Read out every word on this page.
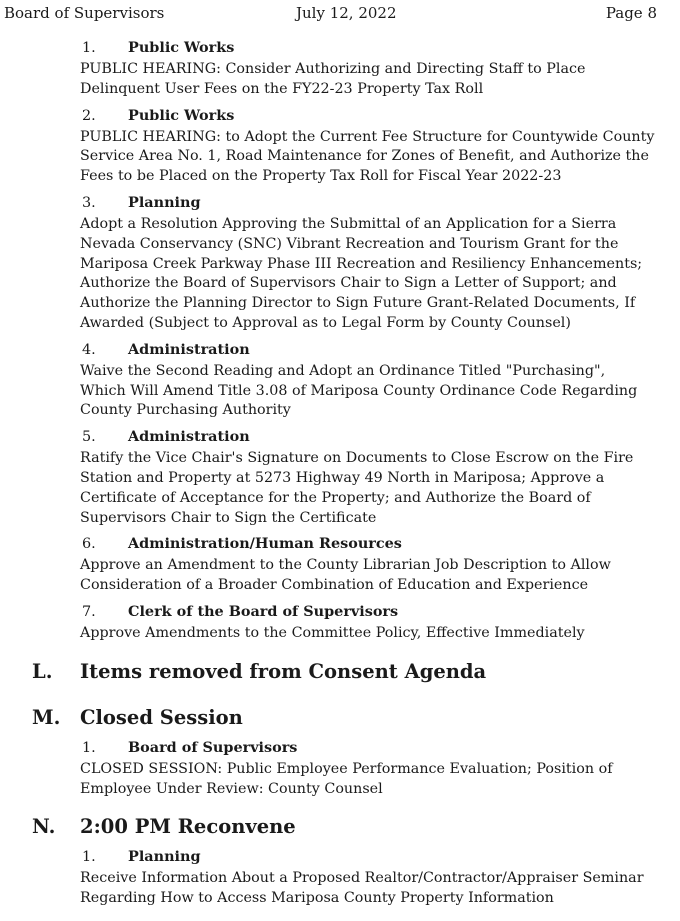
Board of Supervisors	July 12, 2022	Page 8
1. Public Works

PUBLIC HEARING: Consider Authorizing and Directing Staff to Place Delinquent User Fees on the FY22-23 Property Tax Roll

2. Public Works

PUBLIC HEARING: to Adopt the Current Fee Structure for Countywide County Service Area No. 1, Road Maintenance for Zones of Benefit, and Authorize the Fees to be Placed on the Property Tax Roll for Fiscal Year 2022-23

3. Planning

Adopt a Resolution Approving the Submittal of an Application for a Sierra Nevada Conservancy (SNC) Vibrant Recreation and Tourism Grant for the Mariposa Creek Parkway Phase III Recreation and Resiliency Enhancements; Authorize the Board of Supervisors Chair to Sign a Letter of Support; and Authorize the Planning Director to Sign Future Grant-Related Documents, If Awarded (Subject to Approval as to Legal Form by County Counsel)

4. Administration

Waive the Second Reading and Adopt an Ordinance Titled "Purchasing", Which Will Amend Title 3.08 of Mariposa County Ordinance Code Regarding County Purchasing Authority

5. Administration

Ratify the Vice Chair's Signature on Documents to Close Escrow on the Fire Station and Property at 5273 Highway 49 North in Mariposa; Approve a Certificate of Acceptance for the Property; and Authorize the Board of Supervisors Chair to Sign the Certificate

6. Administration/Human Resources

Approve an Amendment to the County Librarian Job Description to Allow Consideration of a Broader Combination of Education and Experience

7. Clerk of the Board of Supervisors

Approve Amendments to the Committee Policy, Effective Immediately

L. Items removed from Consent Agenda
M. Closed Session
1. Board of Supervisors

CLOSED SESSION: Public Employee Performance Evaluation; Position of Employee Under Review: County Counsel

N. 2:00 PM Reconvene
1. Planning

Receive Information About a Proposed Realtor/Contractor/Appraiser Seminar Regarding How to Access Mariposa County Property Information
